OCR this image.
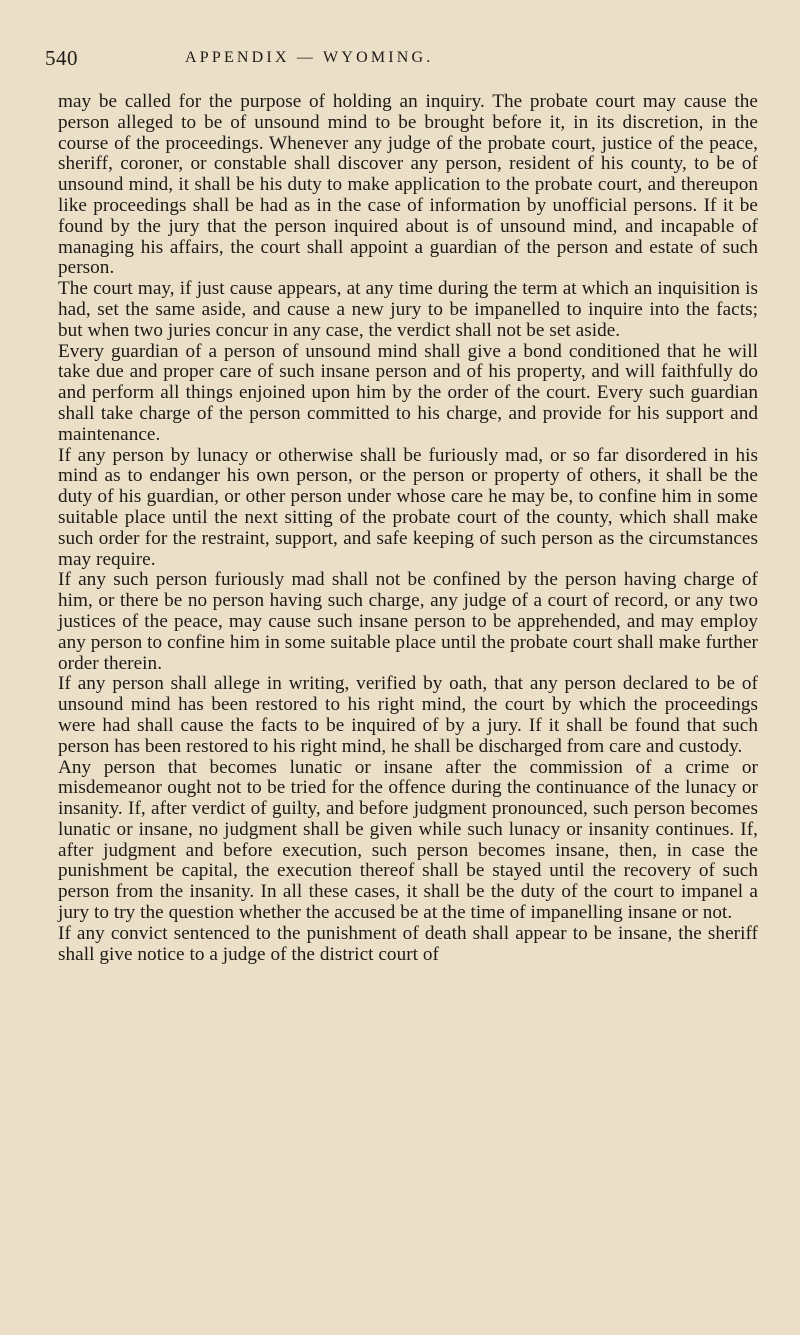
540	APPENDIX — WYOMING.

may be called for the purpose of holding an inquiry. The probate court may cause the person alleged to be of unsound mind to be brought before it, in its discretion, in the course of the proceedings. Whenever any judge of the probate court, justice of the peace, sheriff, coroner, or constable shall discover any person, resident of his county, to be of unsound mind, it shall be his duty to make application to the probate court, and thereupon like proceedings shall be had as in the case of information by unofficial persons. If it be found by the jury that the person inquired about is of unsound mind, and incapable of managing his affairs, the court shall appoint a guardian of the person and estate of such person.

The court may, if just cause appears, at any time during the term at which an inquisition is had, set the same aside, and cause a new jury to be impanelled to inquire into the facts; but when two juries concur in any case, the verdict shall not be set aside.

Every guardian of a person of unsound mind shall give a bond conditioned that he will take due and proper care of such insane person and of his property, and will faithfully do and perform all things enjoined upon him by the order of the court. Every such guardian shall take charge of the person committed to his charge, and provide for his support and maintenance.

If any person by lunacy or otherwise shall be furiously mad, or so far disordered in his mind as to endanger his own person, or the person or property of others, it shall be the duty of his guardian, or other person under whose care he may be, to confine him in some suitable place until the next sitting of the probate court of the county, which shall make such order for the restraint, support, and safe keeping of such person as the circumstances may require.

If any such person furiously mad shall not be confined by the person having charge of him, or there be no person having such charge, any judge of a court of record, or any two justices of the peace, may cause such insane person to be apprehended, and may employ any person to confine him in some suitable place until the probate court shall make further order therein.

If any person shall allege in writing, verified by oath, that any person declared to be of unsound mind has been restored to his right mind, the court by which the proceedings were had shall cause the facts to be inquired of by a jury. If it shall be found that such person has been restored to his right mind, he shall be discharged from care and custody.

Any person that becomes lunatic or insane after the commission of a crime or misdemeanor ought not to be tried for the offence during the continuance of the lunacy or insanity. If, after verdict of guilty, and before judgment pronounced, such person becomes lunatic or insane, no judgment shall be given while such lunacy or insanity continues. If, after judgment and before execution, such person becomes insane, then, in case the punishment be capital, the execution thereof shall be stayed until the recovery of such person from the insanity. In all these cases, it shall be the duty of the court to impanel a jury to try the question whether the accused be at the time of impanelling insane or not.

If any convict sentenced to the punishment of death shall appear to be insane, the sheriff shall give notice to a judge of the district court of
